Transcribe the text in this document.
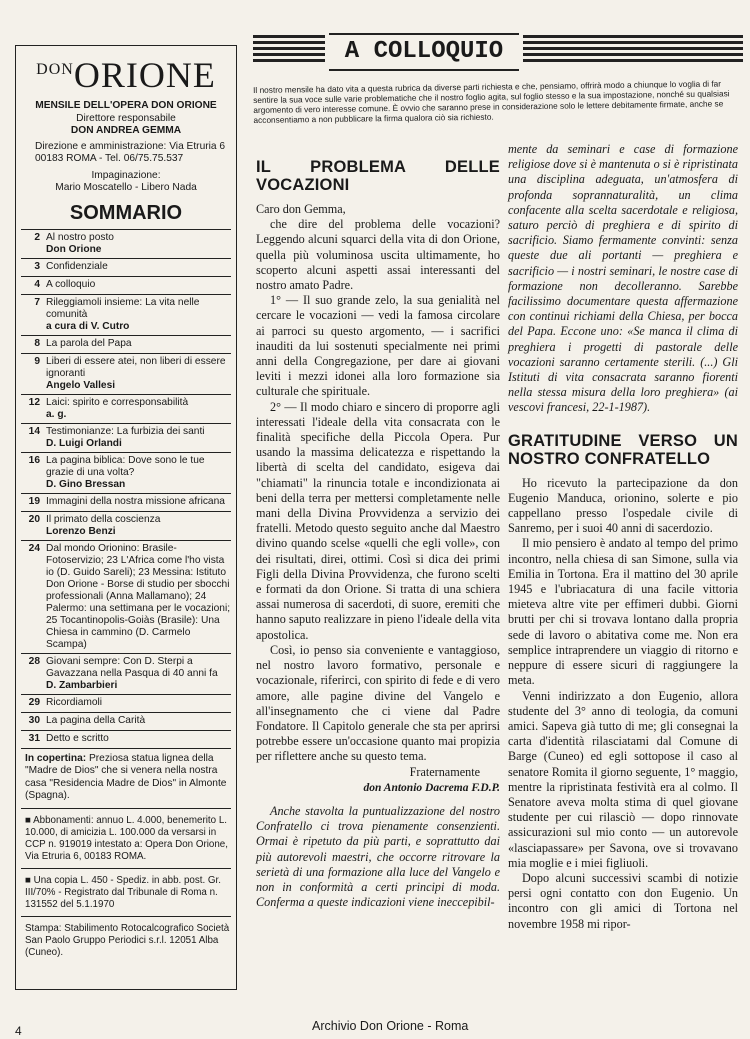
DONORIONE
MENSILE DELL'OPERA DON ORIONE
Direttore responsabile
DON ANDREA GEMMA
Direzione e amministrazione: Via Etruria 6
00183 ROMA - Tel. 06/75.75.537
Impaginazione:
Mario Moscatello - Libero Nada
SOMMARIO
2 Al nostro posto
Don Orione
3 Confidenziale
4 A colloquio
7 Rileggiamoli insieme: La vita nelle comunità
a cura di V. Cutro
8 La parola del Papa
9 Liberi di essere atei, non liberi di essere ignoranti
Angelo Vallesi
12 Laici: spirito e corresponsabilità
a. g.
14 Testimonianze: La furbizia dei santi
D. Luigi Orlandi
16 La pagina biblica: Dove sono le tue grazie di una volta?
D. Gino Bressan
19 Immagini della nostra missione africana
20 Il primato della coscienza
Lorenzo Benzi
24 Dal mondo Orionino: Brasile-Fotoservizio; 23 L'Africa come l'ho vista io (D. Guido Sareli); 23 Messina: Istituto Don Orione - Borse di studio per sbocchi professionali (Anna Mallamano); 24 Palermo: una settimana per le vocazioni; 25 Tocantinopolis-Goiàs (Brasile): Una Chiesa in cammino (D. Carmelo Scampa)
28 Giovani sempre: Con D. Sterpi a Gavazzana nella Pasqua di 40 anni fa
D. Zambarbieri
29 Ricordiamoli
30 La pagina della Carità
31 Detto e scritto
In copertina: Preziosa statua lignea della "Madre de Dios" che si venera nella nostra casa "Residencia Madre de Dios" in Almonte (Spagna).
■ Abbonamenti: annuo L. 4.000, benemerito L. 10.000, di amicizia L. 100.000 da versarsi in CCP n. 919019 intestato a: Opera Don Orione, Via Etruria 6, 00183 ROMA.
■ Una copia L. 450 - Spediz. in abb. post. Gr. III/70% - Registrato dal Tribunale di Roma n. 131552 del 5.1.1970
Stampa: Stabilimento Rotocalcografico Società San Paolo Gruppo Periodici s.r.l. 12051 Alba (Cuneo).
A COLLOQUIO
Il nostro mensile ha dato vita a questa rubrica da diverse parti richiesta e che, pensiamo, offrirà modo a chiunque lo voglia di far sentire la sua voce sulle varie problematiche che il nostro foglio agita, sul foglio stesso e la sua impostazione, nonché su qualsiasi argomento di vero interesse comune. È ovvio che saranno prese in considerazione solo le lettere debitamente firmate, anche se acconsentiamo a non pubblicare la firma qualora ciò sia richiesto.
IL PROBLEMA DELLE VOCAZIONI

Caro don Gemma,

che dire del problema delle vocazioni? Leggendo alcuni squarci della vita di don Orione, quella più voluminosa uscita ultimamente, ho scoperto alcuni aspetti assai interessanti del nostro amato Padre.

1° — Il suo grande zelo, la sua genialità nel cercare le vocazioni — vedi la famosa circolare ai parroci su questo argomento, — i sacrifici inauditi da lui sostenuti specialmente nei primi anni della Congregazione, per dare ai giovani leviti i mezzi idonei alla loro formazione sia culturale che spirituale.

2° — Il modo chiaro e sincero di proporre agli interessati l'ideale della vita consacrata con le finalità specifiche della Piccola Opera. Pur usando la massima delicatezza e rispettando la libertà di scelta del candidato, esigeva dai "chiamati" la rinuncia totale e incondizionata ai beni della terra per mettersi completamente nelle mani della Divina Provvidenza a servizio dei fratelli. Metodo questo seguito anche dal Maestro divino quando scelse «quelli che egli volle», con dei risultati, direi, ottimi. Così si dica dei primi Figli della Divina Provvidenza, che furono scelti e formati da don Orione. Si tratta di una schiera assai numerosa di sacerdoti, di suore, eremiti che hanno saputo realizzare in pieno l'ideale della vita apostolica.

Così, io penso sia conveniente e vantaggioso, nel nostro lavoro formativo, personale e vocazionale, riferirci, con spirito di fede e di vero amore, alle pagine divine del Vangelo e all'insegnamento che ci viene dal Padre Fondatore. Il Capitolo generale che sta per aprirsi potrebbe essere un'occasione quanto mai propizia per riflettere anche su questo tema.

Fraternamente
don Antonio Dacrema F.D.P.

Anche stavolta la puntualizzazione del nostro Confratello ci trova pienamente consenzienti. Ormai è ripetuto da più parti, e soprattutto dai più autorevoli maestri, che occorre ritrovare la serietà di una formazione alla luce del Vangelo e non in conformità a certi principi di moda. Conferma a queste indicazioni viene ineccepibil-

mente da seminari e case di formazione religiose dove si è mantenuta o si è ripristinata una disciplina adeguata, un'atmosfera di profonda soprannaturalità, un clima confacente alla scelta sacerdotale e religiosa, saturo perciò di preghiera e di spirito di sacrificio. Siamo fermamente convinti: senza queste due ali portanti — preghiera e sacrificio — i nostri seminari, le nostre case di formazione non decolleranno. Sarebbe facilissimo documentare questa affermazione con continui richiami della Chiesa, per bocca del Papa. Eccone uno: «Se manca il clima di preghiera i progetti di pastorale delle vocazioni saranno certamente sterili. (...) Gli Istituti di vita consacrata saranno fiorenti nella stessa misura della loro preghiera» (ai vescovi francesi, 22-1-1987).

GRATITUDINE VERSO UN NOSTRO CONFRATELLO

Ho ricevuto la partecipazione da don Eugenio Manduca, orionino, solerte e pio cappellano presso l'ospedale civile di Sanremo, per i suoi 40 anni di sacerdozio.

Il mio pensiero è andato al tempo del primo incontro, nella chiesa di san Simone, sulla via Emilia in Tortona. Era il mattino del 30 aprile 1945 e l'ubriacatura di una facile vittoria mieteva altre vite per effimeri dubbi. Giorni brutti per chi si trovava lontano dalla propria sede di lavoro o abitativa come me. Non era semplice intraprendere un viaggio di ritorno e neppure di essere sicuri di raggiungere la meta.

Venni indirizzato a don Eugenio, allora studente del 3° anno di teologia, da comuni amici. Sapeva già tutto di me; gli consegnai la carta d'identità rilasciatami dal Comune di Barge (Cuneo) ed egli sottopose il caso al senatore Romita il giorno seguente, 1° maggio, mentre la ripristinata festività era al colmo. Il Senatore aveva molta stima di quel giovane studente per cui rilasciò — dopo rinnovate assicurazioni sul mio conto — un autorevole «lasciapassare» per Savona, ove si trovavano mia moglie e i miei figliuoli.

Dopo alcuni successivi scambi di notizie persi ogni contatto con don Eugenio. Un incontro con gli amici di Tortona nel novembre 1958 mi ripor-

4	Archivio Don Orione - Roma
